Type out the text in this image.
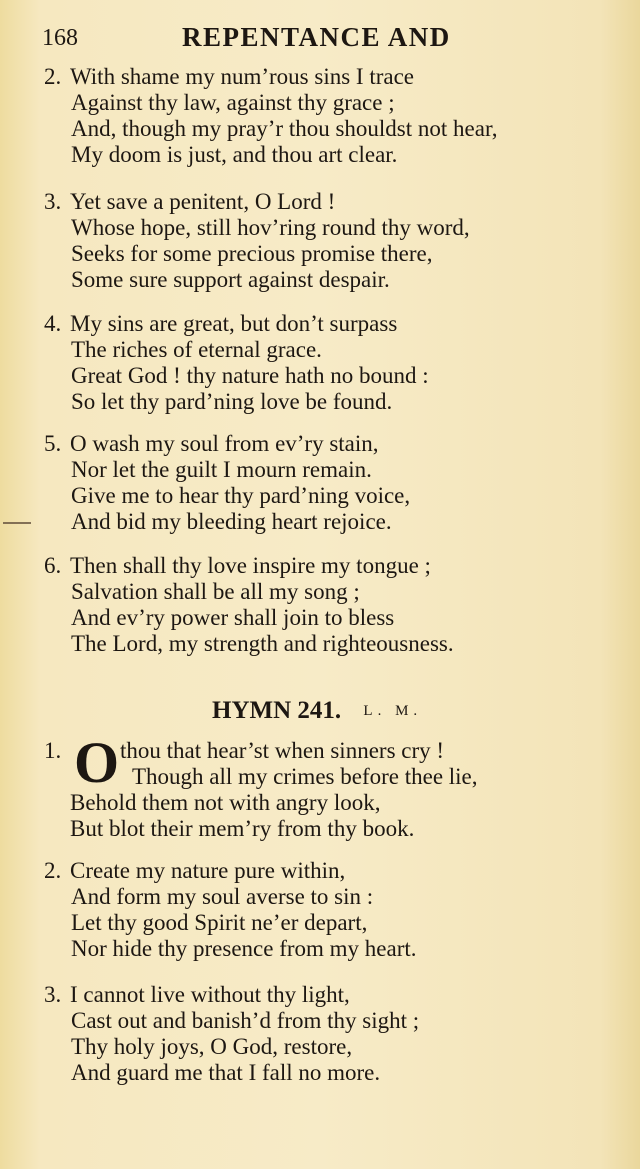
168	REPENTANCE AND
2. With shame my num’rous sins I trace
Against thy law, against thy grace ;
And, though my pray’r thou shouldst not hear,
My doom is just, and thou art clear.
3. Yet save a penitent, O Lord !
Whose hope, still hov’ring round thy word,
Seeks for some precious promise there,
Some sure support against despair.
4. My sins are great, but don’t surpass
The riches of eternal grace.
Great God ! thy nature hath no bound :
So let thy pard’ning love be found.
5. O wash my soul from ev’ry stain,
Nor let the guilt I mourn remain.
Give me to hear thy pard’ning voice,
And bid my bleeding heart rejoice.
6. Then shall thy love inspire my tongue ;
Salvation shall be all my song ;
And ev’ry power shall join to bless
The Lord, my strength and righteousness.
HYMN 241. L. M.
1. O thou that hear’st when sinners cry !
Though all my crimes before thee lie,
Behold them not with angry look,
But blot their mem’ry from thy book.
2. Create my nature pure within,
And form my soul averse to sin :
Let thy good Spirit ne’er depart,
Nor hide thy presence from my heart.
3. I cannot live without thy light,
Cast out and banish’d from thy sight ;
Thy holy joys, O God, restore,
And guard me that I fall no more.
